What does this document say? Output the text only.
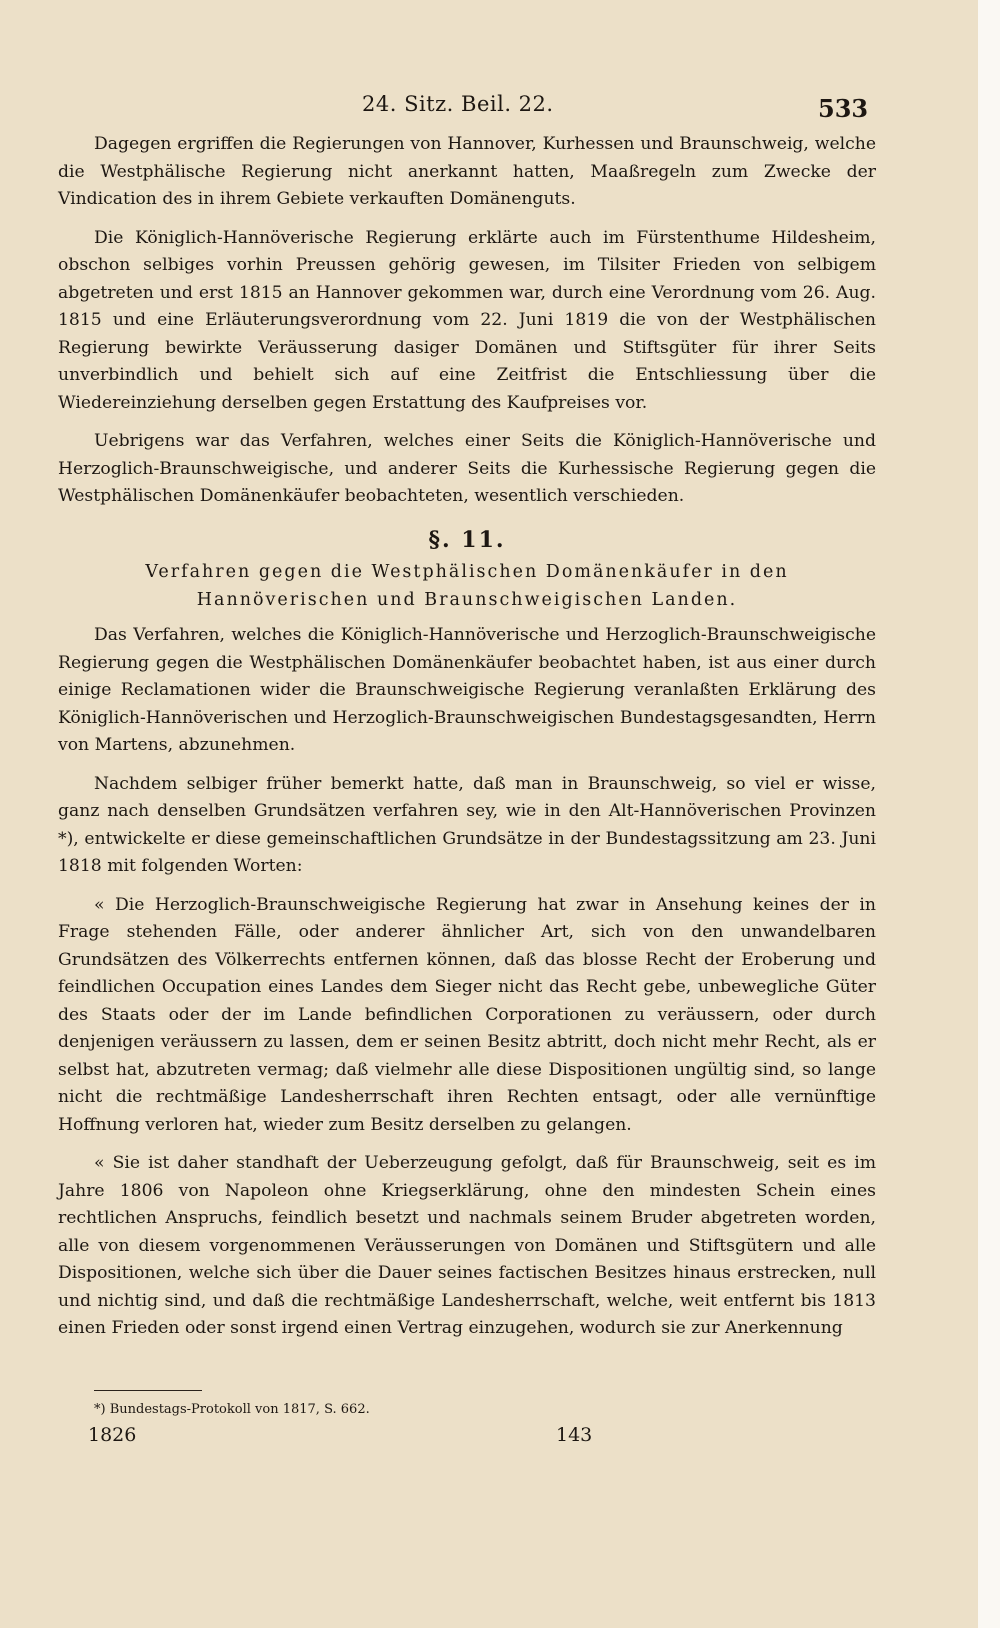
24. Sitz. Beil. 22.	533

Dagegen ergriffen die Regierungen von Hannover, Kurhessen und Braunschweig, welche die Westphälische Regierung nicht anerkannt hatten, Maaßregeln zum Zwecke der Vindication des in ihrem Gebiete verkauften Domänenguts.

Die Königlich-Hannöverische Regierung erklärte auch im Fürstenthume Hildesheim, obschon selbiges vorhin Preussen gehörig gewesen, im Tilsiter Frieden von selbigem abgetreten und erst 1815 an Hannover gekommen war, durch eine Verordnung vom 26. Aug. 1815 und eine Erläuterungsverordnung vom 22. Juni 1819 die von der Westphälischen Regierung bewirkte Veräusserung dasiger Domänen und Stiftsgüter für ihrer Seits unverbindlich und behielt sich auf eine Zeitfrist die Entschliessung über die Wiedereinziehung derselben gegen Erstattung des Kaufpreises vor.

Uebrigens war das Verfahren, welches einer Seits die Königlich-Hannöverische und Herzoglich-Braunschweigische, und anderer Seits die Kurhessische Regierung gegen die Westphälischen Domänenkäufer beobachteten, wesentlich verschieden.

§. 11.
Verfahren gegen die Westphälischen Domänenkäufer in den Hannöverischen und Braunschweigischen Landen.

Das Verfahren, welches die Königlich-Hannöverische und Herzoglich-Braunschweigische Regierung gegen die Westphälischen Domänenkäufer beobachtet haben, ist aus einer durch einige Reclamationen wider die Braunschweigische Regierung veranlaßten Erklärung des Königlich-Hannöverischen und Herzoglich-Braunschweigischen Bundestagsgesandten, Herrn von Martens, abzunehmen.

Nachdem selbiger früher bemerkt hatte, daß man in Braunschweig, so viel er wisse, ganz nach denselben Grundsätzen verfahren sey, wie in den Alt-Hannöverischen Provinzen *), entwickelte er diese gemeinschaftlichen Grundsätze in der Bundestagssitzung am 23. Juni 1818 mit folgenden Worten:

« Die Herzoglich-Braunschweigische Regierung hat zwar in Ansehung keines der in Frage stehenden Fälle, oder anderer ähnlicher Art, sich von den unwandelbaren Grundsätzen des Völkerrechts entfernen können, daß das blosse Recht der Eroberung und feindlichen Occupation eines Landes dem Sieger nicht das Recht gebe, unbewegliche Güter des Staats oder der im Lande befindlichen Corporationen zu veräussern, oder durch denjenigen veräussern zu lassen, dem er seinen Besitz abtritt, doch nicht mehr Recht, als er selbst hat, abzutreten vermag; daß vielmehr alle diese Dispositionen ungültig sind, so lange nicht die rechtmäßige Landesherrschaft ihren Rechten entsagt, oder alle vernünftige Hoffnung verloren hat, wieder zum Besitz derselben zu gelangen.

« Sie ist daher standhaft der Ueberzeugung gefolgt, daß für Braunschweig, seit es im Jahre 1806 von Napoleon ohne Kriegserklärung, ohne den mindesten Schein eines rechtlichen Anspruchs, feindlich besetzt und nachmals seinem Bruder abgetreten worden, alle von diesem vorgenommenen Veräusserungen von Domänen und Stiftsgütern und alle Dispositionen, welche sich über die Dauer seines factischen Besitzes hinaus erstrecken, null und nichtig sind, und daß die rechtmäßige Landesherrschaft, welche, weit entfernt bis 1813 einen Frieden oder sonst irgend einen Vertrag einzugehen, wodurch sie zur Anerkennung

*) Bundestags-Protokoll von 1817, S. 662.
1826	143
